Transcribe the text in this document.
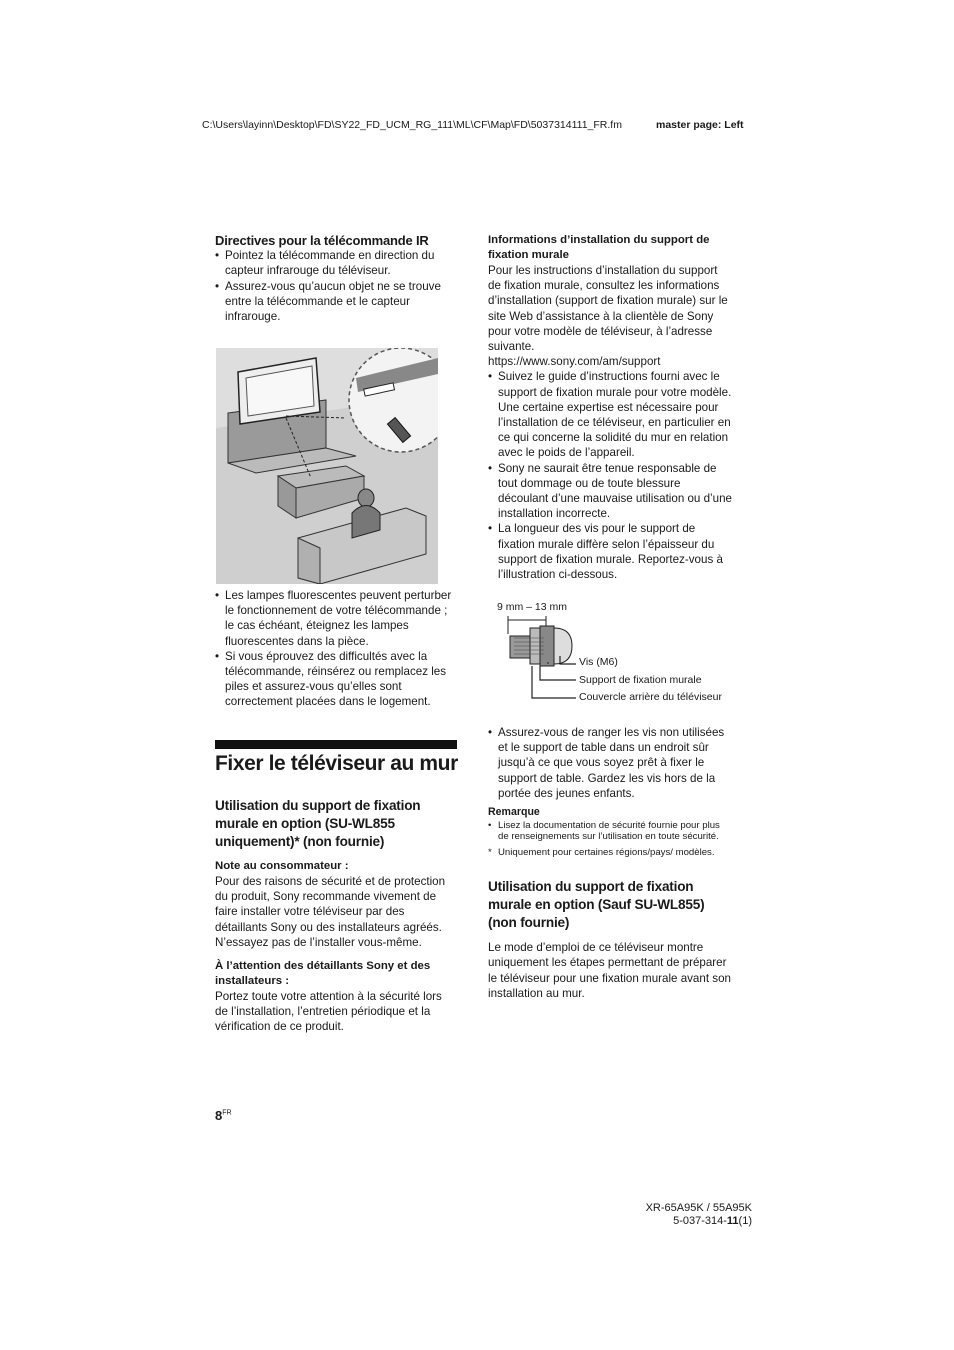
C:\Users\layinn\Desktop\FD\SY22_FD_UCM_RG_111\ML\CF\Map\FD\5037314111_FR.fm	master page: Left

Directives pour la télécommande IR

• Pointez la télécommande en direction du capteur infrarouge du téléviseur.
• Assurez-vous qu’aucun objet ne se trouve entre la télécommande et le capteur infrarouge.
• Les lampes fluorescentes peuvent perturber le fonctionnement de votre télécommande ; le cas échéant, éteignez les lampes fluorescentes dans la pièce.
• Si vous éprouvez des difficultés avec la télécommande, réinsérez ou remplacez les piles et assurez-vous qu’elles sont correctement placées dans le logement.
Fixer le téléviseur au mur

Utilisation du support de fixation murale en option (SU-WL855 uniquement)* (non fournie)

Note au consommateur :

Pour des raisons de sécurité et de protection du produit, Sony recommande vivement de faire installer votre téléviseur par des détaillants Sony ou des installateurs agréés. N’essayez pas de l’installer vous-même.

À l’attention des détaillants Sony et des installateurs :

Portez toute votre attention à la sécurité lors de l’installation, l’entretien périodique et la vérification de ce produit.

Informations d’installation du support de fixation murale

Pour les instructions d’installation du support de fixation murale, consultez les informations d’installation (support de fixation murale) sur le site Web d’assistance à la clientèle de Sony pour votre modèle de téléviseur, à l’adresse suivante.

https://www.sony.com/am/support

• Suivez le guide d’instructions fourni avec le support de fixation murale pour votre modèle. Une certaine expertise est nécessaire pour l’installation de ce téléviseur, en particulier en ce qui concerne la solidité du mur en relation avec le poids de l’appareil.
• Sony ne saurait être tenue responsable de tout dommage ou de toute blessure découlant d’une mauvaise utilisation ou d’une installation incorrecte.
• La longueur des vis pour le support de fixation murale diffère selon l’épaisseur du support de fixation murale. Reportez-vous à l’illustration ci-dessous.
9 mm – 13 mm
Vis (M6)
Support de fixation murale
Couvercle arrière du téléviseur
• Assurez-vous de ranger les vis non utilisées et le support de table dans un endroit sûr jusqu’à ce que vous soyez prêt à fixer le support de table. Gardez les vis hors de la portée des jeunes enfants.

Remarque

• Lisez la documentation de sécurité fournie pour plus de renseignements sur l’utilisation en toute sécurité.
* Uniquement pour certaines régions/pays/ modèles.

Utilisation du support de fixation murale en option (Sauf SU-WL855) (non fournie)

Le mode d’emploi de ce téléviseur montre uniquement les étapes permettant de préparer le téléviseur pour une fixation murale avant son installation au mur.

$8^{FR}$
XR-65A95K / 55A95K
5-037-314-11(1)
